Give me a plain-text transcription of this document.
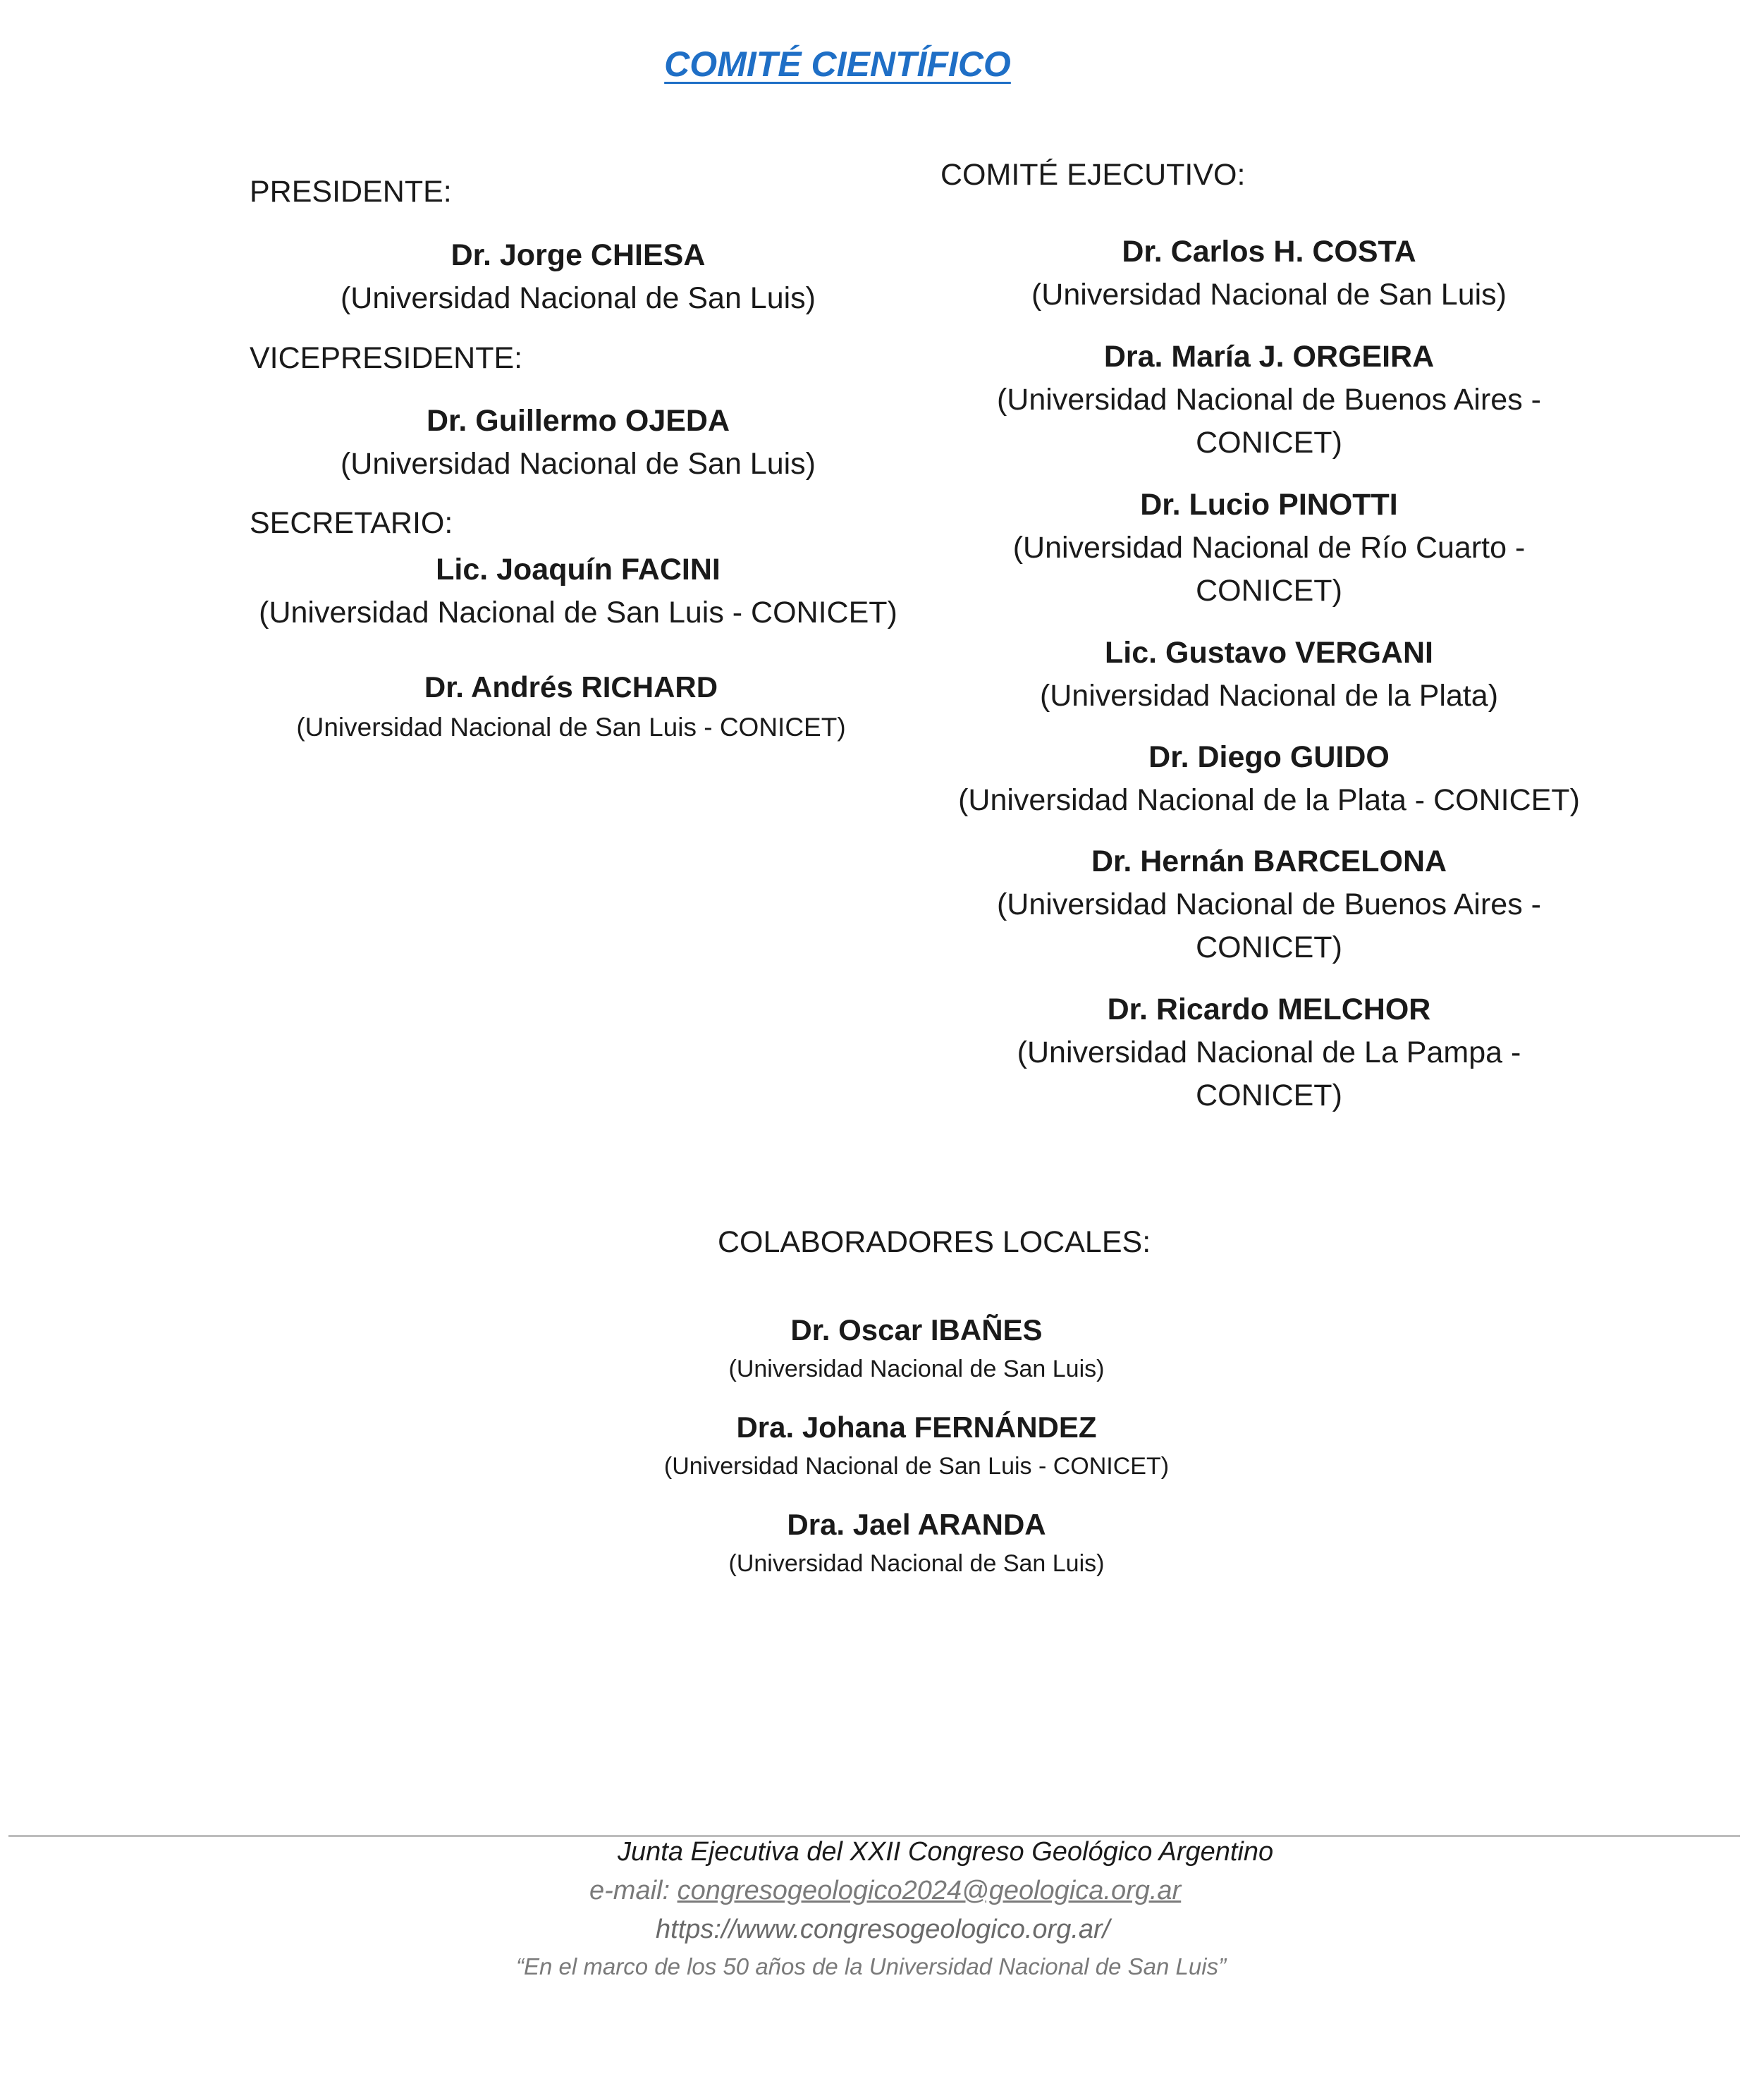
COMITÉ CIENTÍFICO
PRESIDENTE:
Dr. Jorge CHIESA
(Universidad Nacional de San Luis)
VICEPRESIDENTE:
Dr. Guillermo OJEDA
(Universidad Nacional de San Luis)
SECRETARIO:
Lic. Joaquín FACINI
(Universidad Nacional de San Luis - CONICET)
Dr. Andrés RICHARD
(Universidad Nacional de San Luis - CONICET)
COMITÉ EJECUTIVO:
Dr. Carlos H. COSTA
(Universidad Nacional de San Luis)
Dra. María J. ORGEIRA
(Universidad Nacional de Buenos Aires - CONICET)
Dr. Lucio PINOTTI
(Universidad Nacional de Río Cuarto - CONICET)
Lic. Gustavo VERGANI
(Universidad Nacional de la Plata)
Dr. Diego GUIDO
(Universidad Nacional de la Plata - CONICET)
Dr. Hernán BARCELONA
(Universidad Nacional de Buenos Aires - CONICET)
Dr. Ricardo MELCHOR
(Universidad Nacional de La Pampa - CONICET)
COLABORADORES LOCALES:
Dr. Oscar IBAÑES
(Universidad Nacional de San Luis)
Dra. Johana FERNÁNDEZ
(Universidad Nacional de San Luis - CONICET)
Dra. Jael ARANDA
(Universidad Nacional de San Luis)
Junta Ejecutiva del XXII Congreso Geológico Argentino
e-mail: congresogeologico2024@geologica.org.ar
https://www.congresogeologico.org.ar/
“En el marco de los 50 años de la Universidad Nacional de San Luis”
